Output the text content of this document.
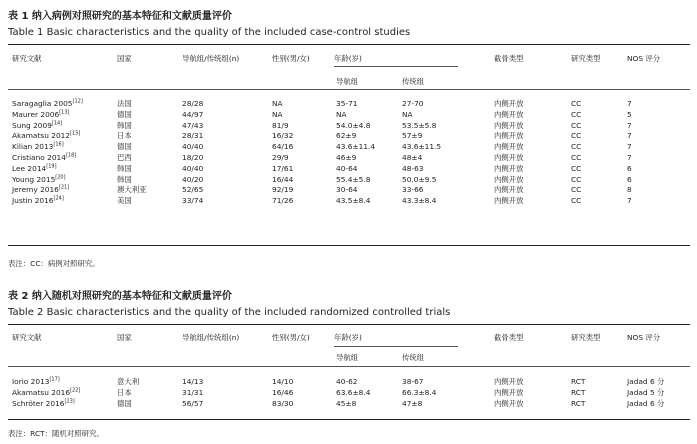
表 1 纳入病例对照研究的基本特征和文献质量评价
Table 1 Basic characteristics and the quality of the included case-control studies
研究文献	国家	导航组/传统组(n)	性别(男/女)	年龄(岁)	截骨类型	研究类型	NOS 评分
导航组	传统组
Saragaglia 2005[12]	法国	28/28	NA	35-71	27-70	内侧开放	CC	7
Maurer 2006[13]	德国	44/97	NA	NA	NA	内侧开放	CC	5
Sung 2009[14]	韩国	47/43	81/9	54.0±4.8	53.5±5.8	内侧开放	CC	7
Akamatsu 2012[15]	日本	28/31	16/32	62±9	57±9	内侧开放	CC	7
Kilian 2013[16]	德国	40/40	64/16	43.6±11.4	43.6±11.5	内侧开放	CC	7
Cristiano 2014[18]	巴西	18/20	29/9	46±9	48±4	内侧开放	CC	7
Lee 2014[19]	韩国	40/40	17/61	40-64	48-63	内侧开放	CC	6
Young 2015[20]	韩国	40/20	16/44	55.4±5.8	50.0±9.5	内侧开放	CC	6
Jeremy 2016[21]	澳大利亚	52/65	92/19	30-64	33-66	内侧开放	CC	8
Justin 2016[24]	美国	33/74	71/26	43.5±8.4	43.3±8.4	内侧开放	CC	7
表注：CC：病例对照研究。
表 2 纳入随机对照研究的基本特征和文献质量评价
Table 2 Basic characteristics and the quality of the included randomized controlled trials
研究文献	国家	导航组/传统组(n)	性别(男/女)	年龄(岁)	截骨类型	研究类型	NOS 评分
导航组	传统组
Iorio 2013[17]	意大利	14/13	14/10	40-62	38-67	内侧开放	RCT	Jadad 6 分
Akamatsu 2016[22]	日本	31/31	16/46	63.6±8.4	66.3±8.4	内侧开放	RCT	Jadad 5 分
Schröter 2016[23]	德国	56/57	83/30	45±8	47±8	内侧开放	RCT	Jadad 6 分
表注：RCT：随机对照研究。
